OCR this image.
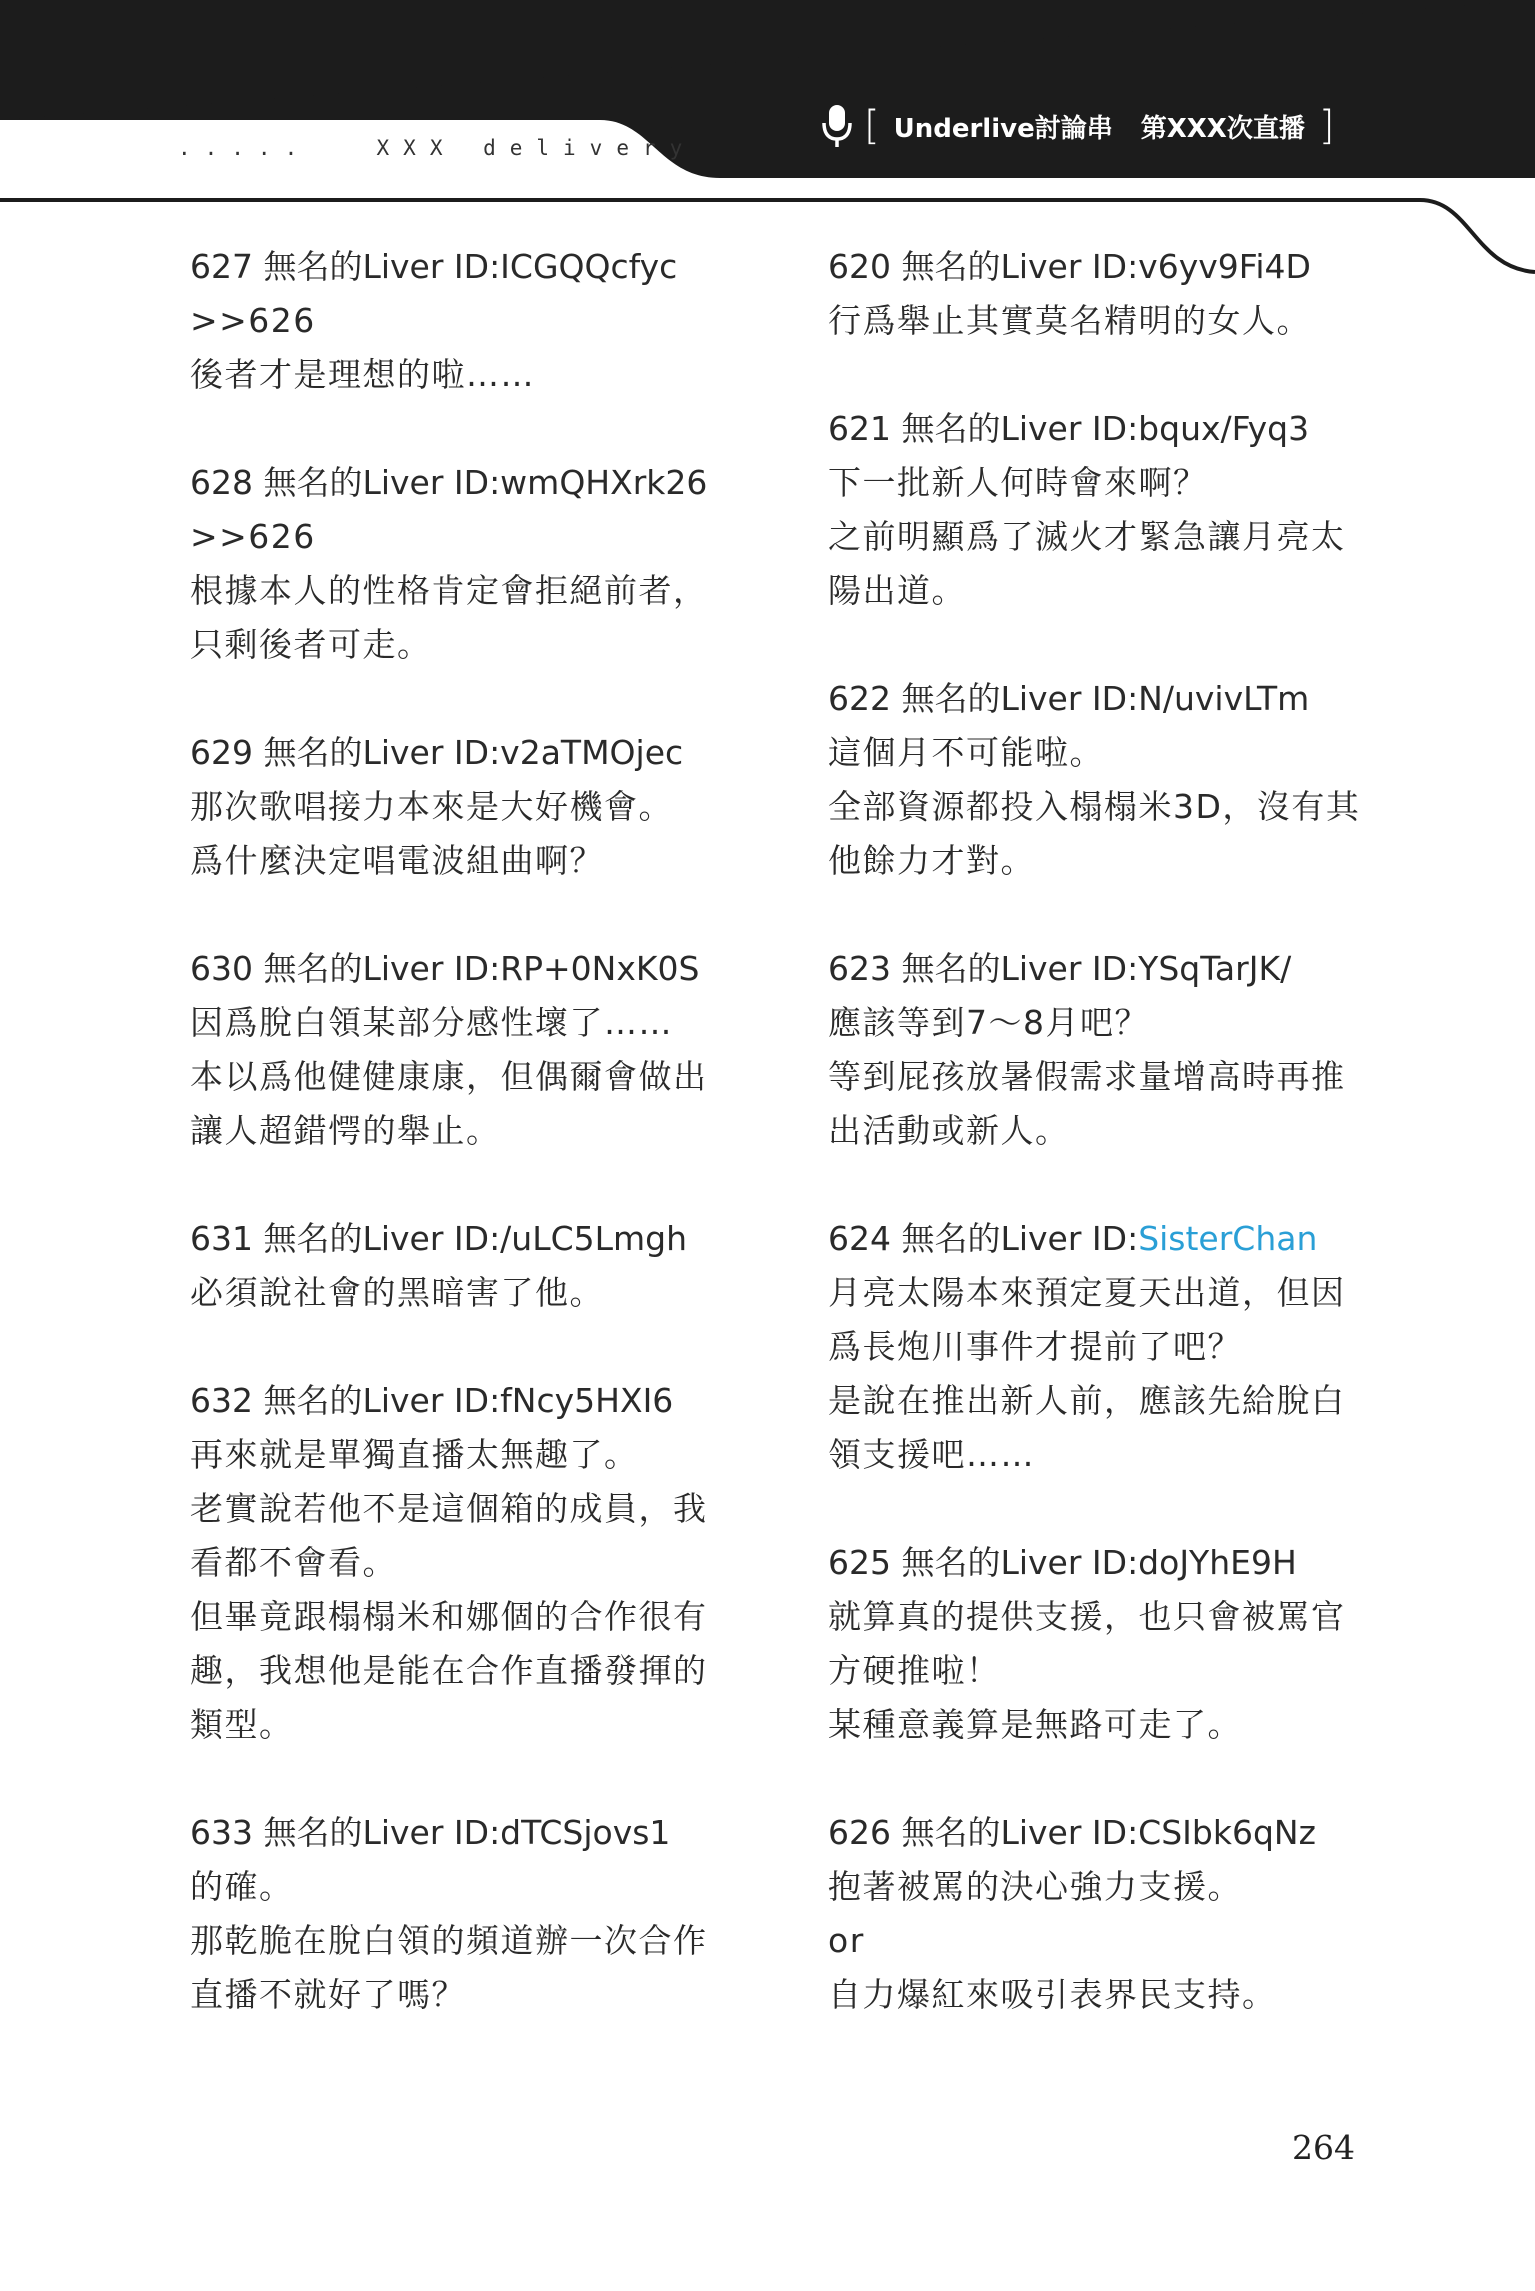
.....	XXX delivery	[ Underlive討論串 第XXX次直播 ]
627 無名的Liver ID:ICGQQcfyc
>>626
後者才是理想的啦……
628 無名的Liver ID:wmQHXrk26
>>626
根據本人的性格肯定會拒絕前者，
只剩後者可走。
629 無名的Liver ID:v2aTMOjec
那次歌唱接力本來是大好機會。
爲什麼決定唱電波組曲啊？
630 無名的Liver ID:RP+0NxK0S
因爲脫白領某部分感性壞了……
本以爲他健健康康，但偶爾會做出
讓人超錯愕的舉止。
631 無名的Liver ID:/uLC5Lmgh
必須說社會的黑暗害了他。
632 無名的Liver ID:fNcy5HXI6
再來就是單獨直播太無趣了。
老實說若他不是這個箱的成員，我
看都不會看。
但畢竟跟榻榻米和娜個的合作很有
趣，我想他是能在合作直播發揮的
類型。
633 無名的Liver ID:dTCSjovs1
的確。
那乾脆在脫白領的頻道辦一次合作
直播不就好了嗎？
620 無名的Liver ID:v6yv9Fi4D
行爲舉止其實莫名精明的女人。
621 無名的Liver ID:bqux/Fyq3
下一批新人何時會來啊？
之前明顯爲了滅火才緊急讓月亮太
陽出道。
622 無名的Liver ID:N/uvivLTm
這個月不可能啦。
全部資源都投入榻榻米3D，沒有其
他餘力才對。
623 無名的Liver ID:YSqTarJK/
應該等到7～8月吧？
等到屁孩放暑假需求量增高時再推
出活動或新人。
624 無名的Liver ID:SisterChan
月亮太陽本來預定夏天出道，但因
爲長炮川事件才提前了吧？
是說在推出新人前，應該先給脫白
領支援吧……
625 無名的Liver ID:doJYhE9H
就算真的提供支援，也只會被罵官
方硬推啦！
某種意義算是無路可走了。
626 無名的Liver ID:CSIbk6qNz
抱著被罵的決心強力支援。
or
自力爆紅來吸引表界民支持。
264
